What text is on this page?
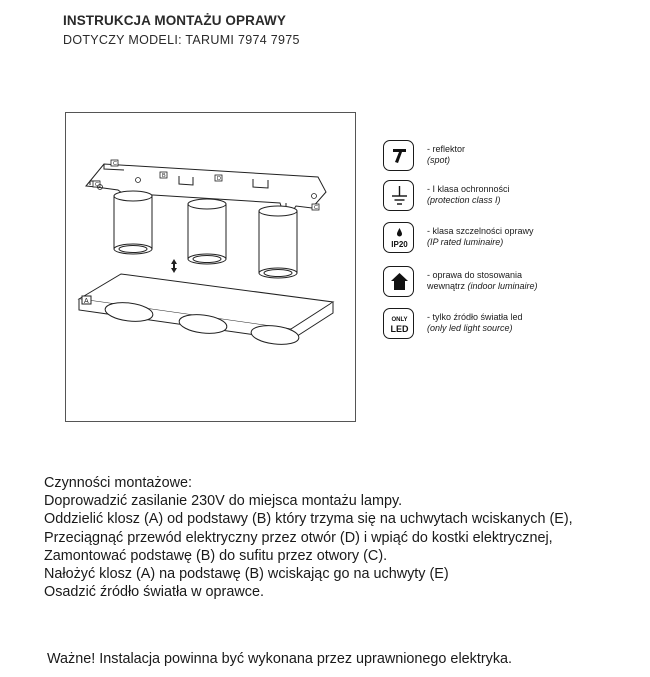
INSTRUKCJA MONTAŻU OPRAWY
DOTYCZY MODELI: TARUMI 7974 7975
C
C
C
B	D
A
- reflektor
(spot)
- I klasa ochronności
(protection class I)
IP20
- klasa szczelności oprawy
(IP rated luminaire)
- oprawa do stosowania
wewnątrz (indoor luminaire)
ONLY
LED
- tylko źródło światła led
(only led light source)
Czynności montażowe:
Doprowadzić zasilanie 230V do miejsca montażu lampy.
Oddzielić klosz (A) od podstawy (B) który trzyma się na uchwytach wciskanych (E),
Przeciągnąć przewód elektryczny przez otwór (D) i wpiąć do kostki elektrycznej,
Zamontować podstawę (B) do sufitu przez otwory (C).
Nałożyć klosz (A) na podstawę (B) wciskając go na uchwyty (E)
Osadzić źródło światła w oprawce.
Ważne! Instalacja powinna być wykonana przez uprawnionego elektryka.
